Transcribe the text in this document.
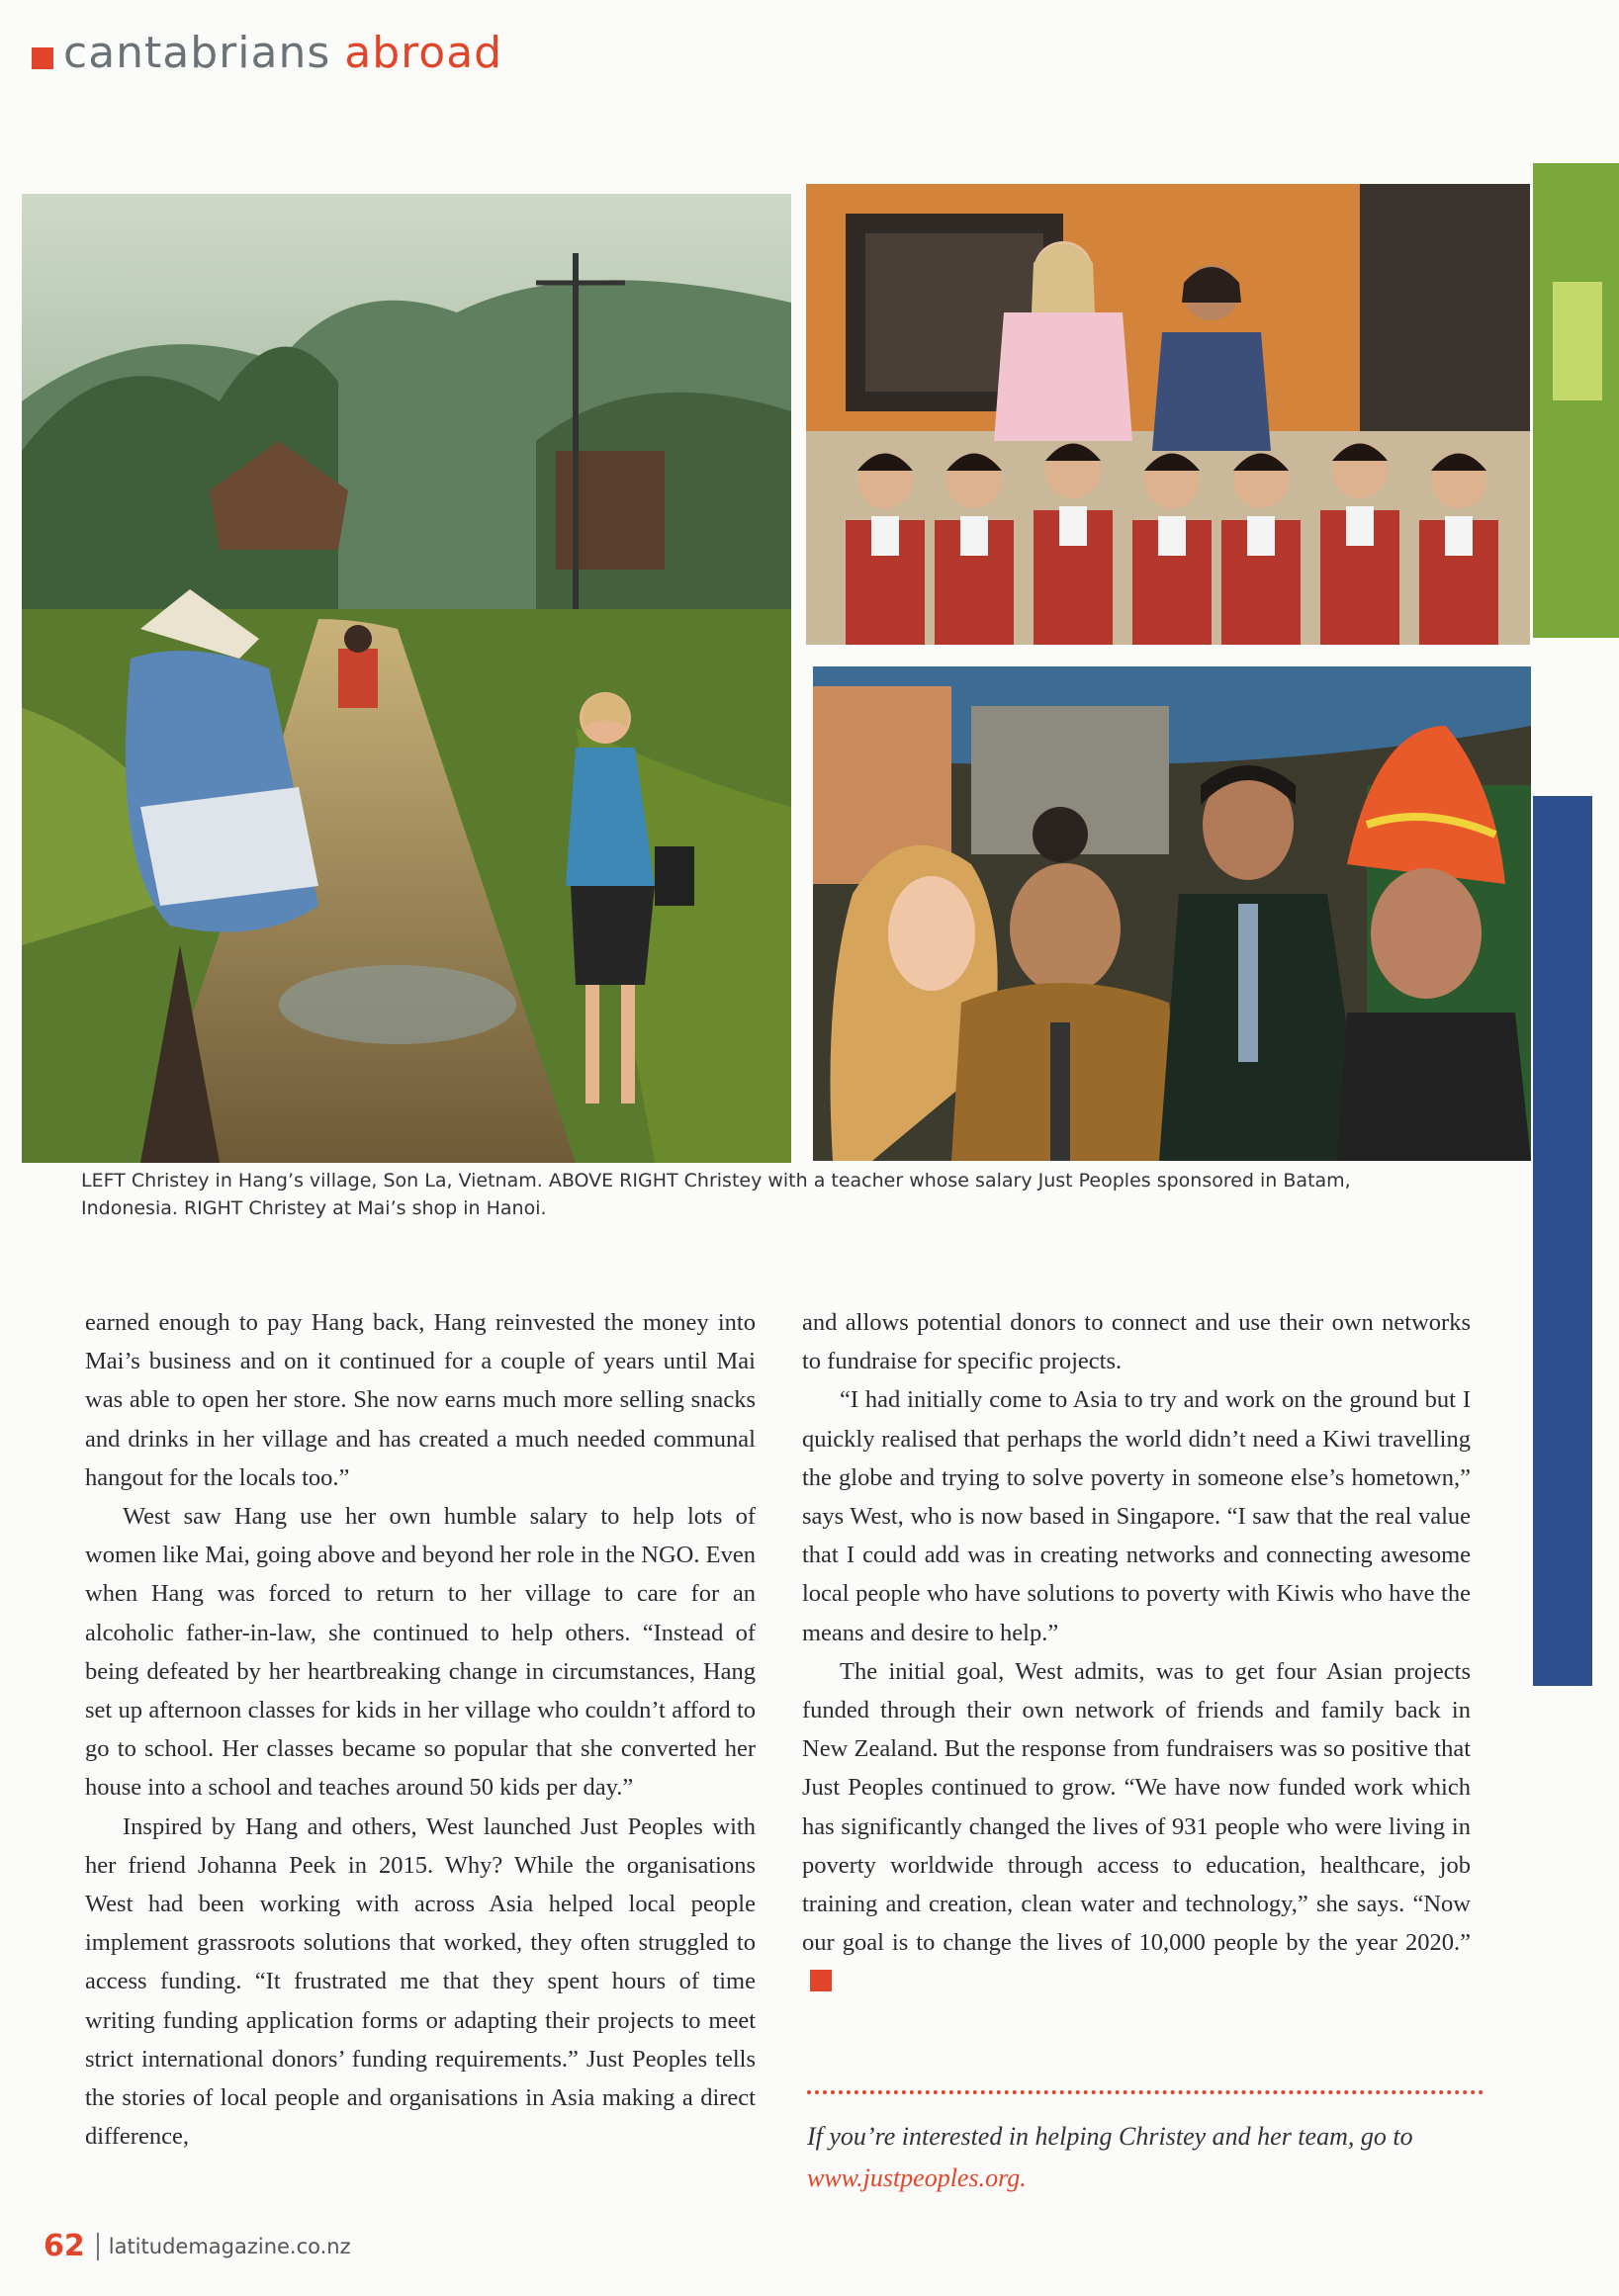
cantabrians abroad
LEFT Christey in Hang’s village, Son La, Vietnam. ABOVE RIGHT Christey with a teacher whose salary Just Peoples sponsored in Batam, Indonesia. RIGHT Christey at Mai’s shop in Hanoi.

earned enough to pay Hang back, Hang reinvested the money into Mai’s business and on it continued for a couple of years until Mai was able to open her store. She now earns much more selling snacks and drinks in her village and has created a much needed communal hangout for the locals too.”

West saw Hang use her own humble salary to help lots of women like Mai, going above and beyond her role in the NGO. Even when Hang was forced to return to her village to care for an alcoholic father-in-law, she continued to help others. “Instead of being defeated by her heartbreaking change in circumstances, Hang set up afternoon classes for kids in her village who couldn’t afford to go to school. Her classes became so popular that she converted her house into a school and teaches around 50 kids per day.”

Inspired by Hang and others, West launched Just Peoples with her friend Johanna Peek in 2015. Why? While the organisations West had been working with across Asia helped local people implement grassroots solutions that worked, they often struggled to access funding. “It frustrated me that they spent hours of time writing funding application forms or adapting their projects to meet strict international donors’ funding requirements.” Just Peoples tells the stories of local people and organisations in Asia making a direct difference,

and allows potential donors to connect and use their own networks to fundraise for specific projects.

“I had initially come to Asia to try and work on the ground but I quickly realised that perhaps the world didn’t need a Kiwi travelling the globe and trying to solve poverty in someone else’s hometown,” says West, who is now based in Singapore. “I saw that the real value that I could add was in creating networks and connecting awesome local people who have solutions to poverty with Kiwis who have the means and desire to help.”

The initial goal, West admits, was to get four Asian projects funded through their own network of friends and family back in New Zealand. But the response from fundraisers was so positive that Just Peoples continued to grow. “We have now funded work which has significantly changed the lives of 931 people who were living in poverty worldwide through access to education, healthcare, job training and creation, clean water and technology,” she says. “Now our goal is to change the lives of 10,000 people by the year 2020.”

If you’re interested in helping Christey and her team, go to
www.justpeoples.org.
62 latitudemagazine.co.nz
